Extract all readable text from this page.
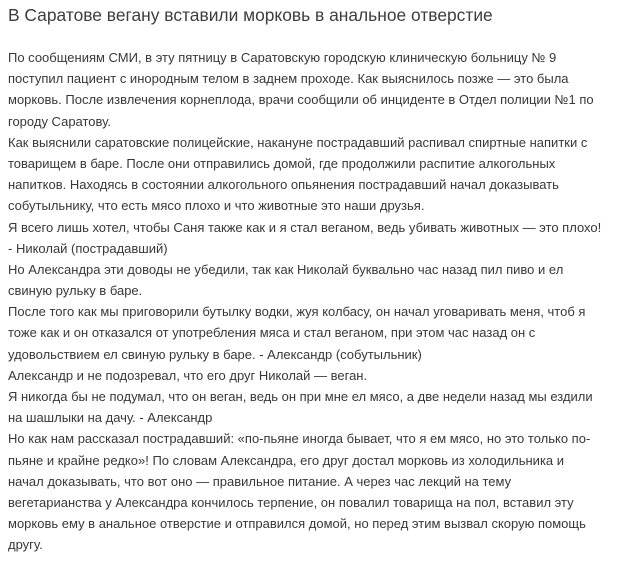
В Саратове вегану вставили морковь в анальное отверстие
По сообщениям СМИ, в эту пятницу в Саратовскую городскую клиническую больницу № 9
поступил пациент с инородным телом в заднем проходе. Как выяснилось позже — это была
морковь. После извлечения корнеплода, врачи сообщили об инциденте в Отдел полиции №1 по
городу Саратову.
Как выяснили саратовские полицейские, накануне пострадавший распивал спиртные напитки с
товарищем в баре. После они отправились домой, где продолжили распитие алкогольных
напитков. Находясь в состоянии алкогольного опьянения пострадавший начал доказывать
собутыльнику, что есть мясо плохо и что животные это наши друзья.
Я всего лишь хотел, чтобы Саня также как и я стал веганом, ведь убивать животных — это плохо!
- Николай (пострадавший)
Но Александра эти доводы не убедили, так как Николай буквально час назад пил пиво и ел
свиную рульку в баре.
После того как мы приговорили бутылку водки, жуя колбасу, он начал уговаривать меня, чтоб я
тоже как и он отказался от употребления мяса и стал веганом, при этом час назад он с
удовольствием ел свиную рульку в баре. - Александр (собутыльник)
Александр и не подозревал, что его друг Николай — веган.
Я никогда бы не подумал, что он веган, ведь он при мне ел мясо, а две недели назад мы ездили
на шашлыки на дачу. - Александр
Но как нам рассказал пострадавший: «по-пьяне иногда бывает, что я ем мясо, но это только по-
пьяне и крайне редко»! По словам Александра, его друг достал морковь из холодильника и
начал доказывать, что вот оно — правильное питание. А через час лекций на тему
вегетарианства у Александра кончилось терпение, он повалил товарища на пол, вставил эту
морковь ему в анальное отверстие и отправился домой, но перед этим вызвал скорую помощь
другу.
